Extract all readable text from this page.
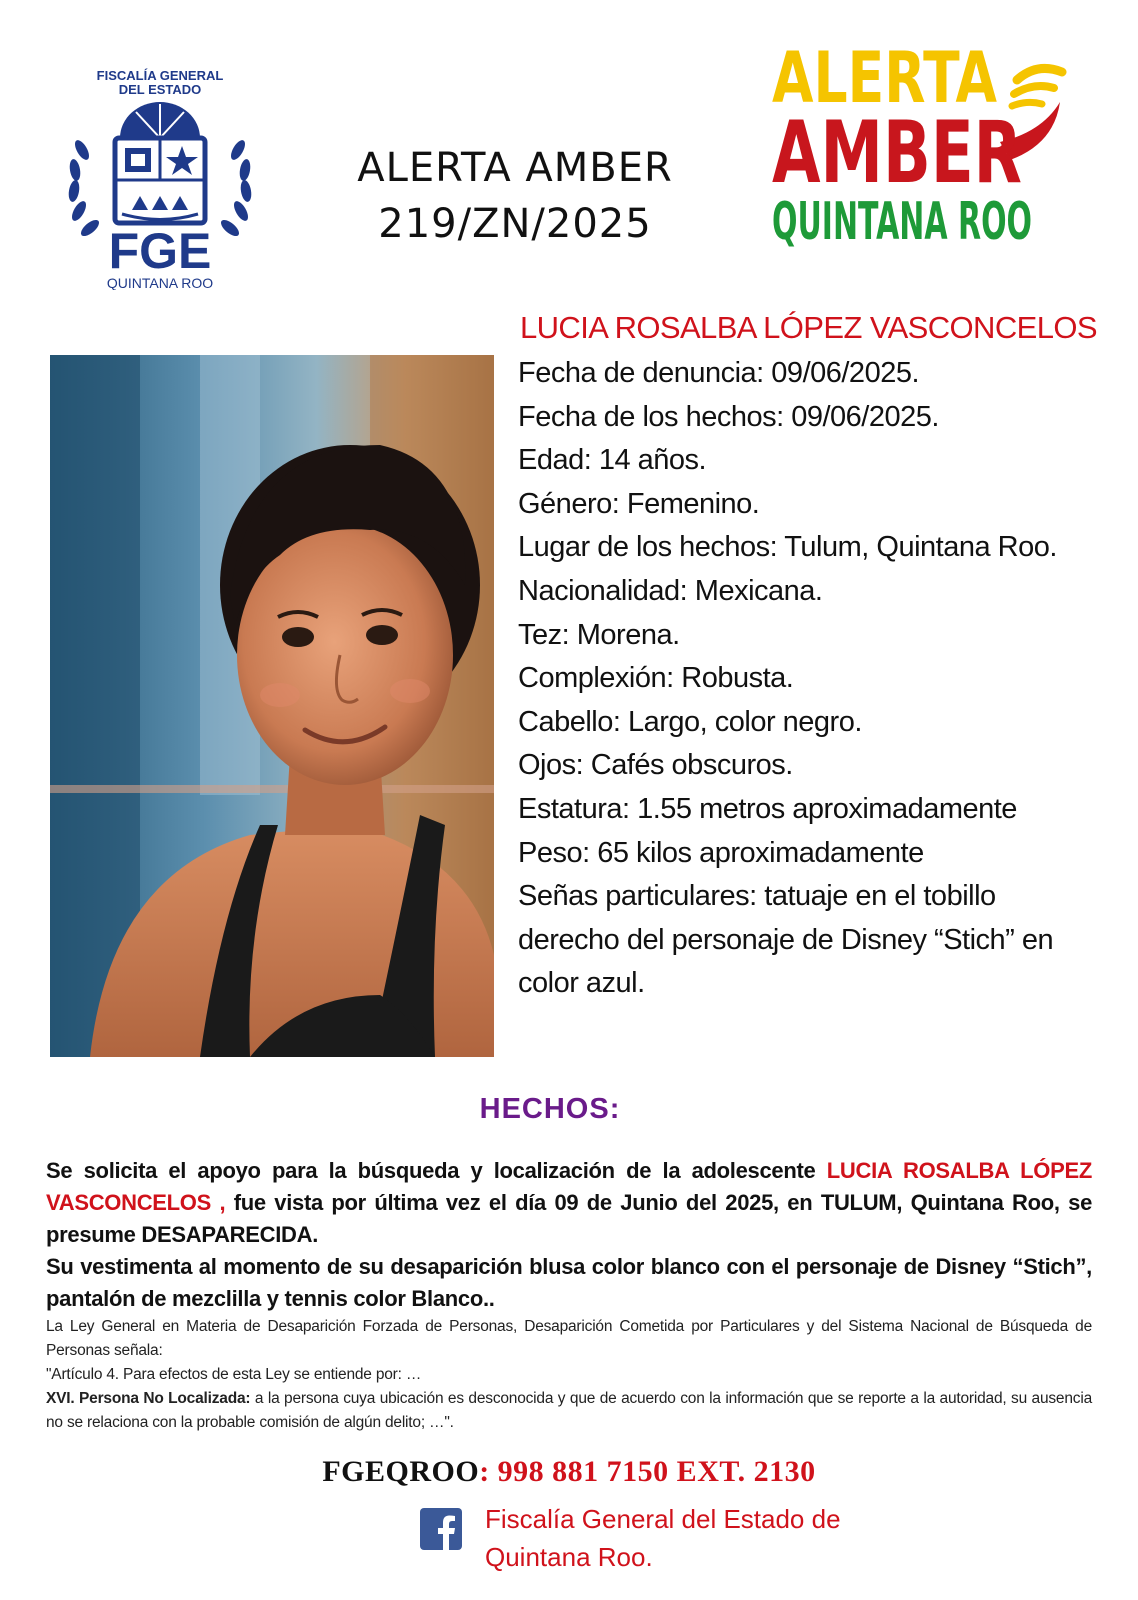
FISCALÍA GENERAL
DEL ESTADO
FGE
QUINTANA ROO
ALERTA AMBER
219/ZN/2025
ALERTA
AMBER
QUINTANA ROO
LUCIA ROSALBA LÓPEZ VASCONCELOS
Fecha de denuncia: 09/06/2025.
Fecha de los hechos: 09/06/2025.
Edad: 14 años.
Género: Femenino.
Lugar de los hechos: Tulum, Quintana Roo.
Nacionalidad: Mexicana.
Tez: Morena.
Complexión: Robusta.
Cabello: Largo, color negro.
Ojos: Cafés obscuros.
Estatura: 1.55 metros aproximadamente
Peso: 65 kilos aproximadamente
Señas particulares: tatuaje en el tobillo derecho del personaje de Disney “Stich” en color azul.
HECHOS:

Se solicita el apoyo para la búsqueda y localización de la adolescente LUCIA ROSALBA LÓPEZ VASCONCELOS , fue vista por última vez el día 09 de Junio del 2025, en TULUM, Quintana Roo, se presume DESAPARECIDA.

Su vestimenta al momento de su desaparición blusa color blanco con el personaje de Disney “Stich”, pantalón de mezclilla y tennis color Blanco..

La Ley General en Materia de Desaparición Forzada de Personas, Desaparición Cometida por Particulares y del Sistema Nacional de Búsqueda de Personas señala:

"Artículo 4. Para efectos de esta Ley se entiende por: …

XVI. Persona No Localizada: a la persona cuya ubicación es desconocida y que de acuerdo con la información que se reporte a la autoridad, su ausencia no se relaciona con la probable comisión de algún delito; …".

FGEQROO: 998 881 7150 EXT. 2130
Fiscalía General del Estado de
Quintana Roo.
